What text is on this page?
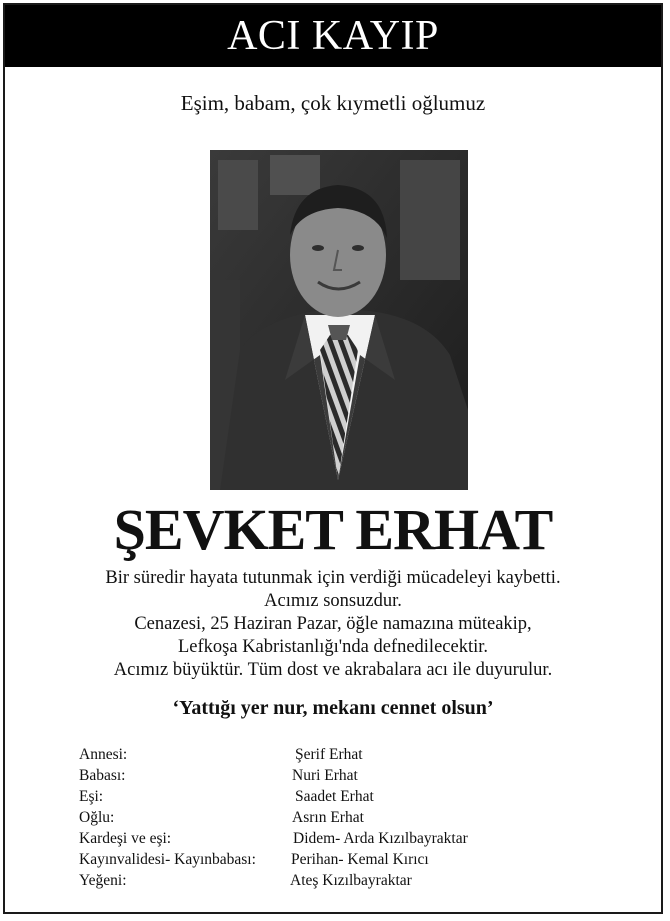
ACI KAYIP
Eşim, babam, çok kıymetli oğlumuz
ŞEVKET ERHAT
Bir süredir hayata tutunmak için verdiği mücadeleyi kaybetti.
Acımız sonsuzdur.
Cenazesi, 25 Haziran Pazar, öğle namazına müteakip,
Lefkoşa Kabristanlığı'nda defnedilecektir.
Acımız büyüktür. Tüm dost ve akrabalara acı ile duyurulur.
‘Yattığı yer nur, mekanı cennet olsun’
Annesi:	Şerif Erhat
Babası:	Nuri Erhat
Eşi:	Saadet Erhat
Oğlu:	Asrın Erhat
Kardeşi ve eşi:	Didem- Arda Kızılbayraktar
Kayınvalidesi- Kayınbabası: Perihan- Kemal Kırıcı
Yeğeni:	Ateş Kızılbayraktar
